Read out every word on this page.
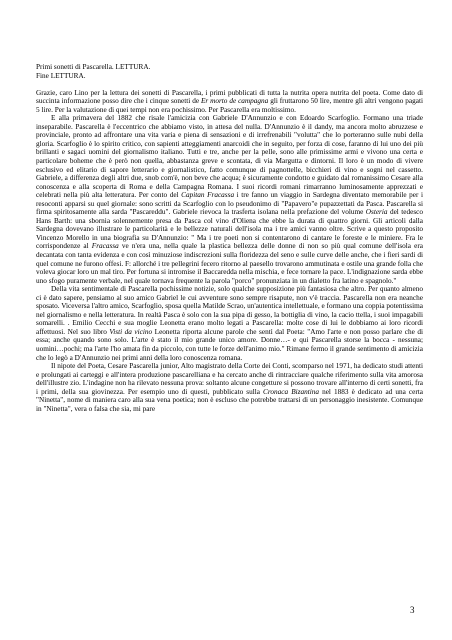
Primi sonetti di Pascarella. LETTURA.

Fine LETTURA.

Grazie, caro Lino per la lettura dei sonetti di Pascarella, i primi pubblicati di tutta la nutrita opera nutrita del poeta. Come dato di succinta informazione posso dire che i cinque sonetti de Er morto de campagna gli fruttarono 50 lire, mentre gli altri vengono pagati 5 lire. Per la valutazione di quei tempi non era pochissimo. Per Pascarella era moltissimo.

E alla primavera del 1882 che risale l'amicizia con Gabriele D'Annunzio e con Edoardo Scarfoglio. Formano una triade inseparabile. Pascarella è l'eccentrico che abbiamo visto, in attesa del nulla. D'Annunzio è il dandy, ma ancora molto abruzzese e provinciale, pronto ad affrontare una vita varia e piena di sensazioni e di irrefrenabili "volutta" che lo porteranno sulle nubi della gloria. Scarfoglio è lo spirito critico, con sapienti atteggiamenti anarcoidi che in seguito, per forza di cose, faranno di lui uno dei più brillanti e sagaci uomini del giornalismo italiano. Tutti e tre, anche per la pelle, sono alle primissime armi e vivono una certa e particolare boheme che è però non quella, abbastanza greve e scontata, di via Margutta e dintorni. Il loro è un modo di vivere esclusivo ed elitario di sapore letterario e giornalistico, fatto comunque di pagnottelle, bicchieri di vino e sogni nel cassetto. Gabriele, a differenza degli altri due, snob com'è, non beve che acqua; è sicuramente condotto e guidato dal romanissimo Cesare alla conoscenza e alla scoperta di Roma e della Campagna Romana. I suoi ricordi romani rimarranno luminosamente apprezzati e celebrati nella più alta letteratura. Per conto del Capitan Fracassa i tre fanno un viaggio in Sardegna diventato memorabile per i resoconti apparsi su quel giornale: sono scritti da Scarfoglio con lo pseudonimo di "Papavero"e pupazzettati da Pasca. Pascarella si firma spiritosamente alla sarda "Pascareddu". Gabriele rievoca la trasferta isolana nella prefazione del volume Osteria del tedesco Hans Barth: una sbornia solennemente presa da Pasca col vino d'Oliena che ebbe la durata di quattro giorni. Gli articoli dalla Sardegna dovevano illustrare le particolarità e le bellezze naturali dell'isola ma i tre amici vanno oltre. Scrive a questo proposito Vincenzo Morello in una biografia su D'Annunzio: " Ma i tre poeti non si contentarono di cantare le foreste e le miniere. Fra le corrispondenze al Fracassa ve n'era una, nella quale la plastica bellezza delle donne di non so più qual comune dell'isola era decantata con tanta evidenza e con così minuziose indiscrezioni sulla floridezza del seno e sulle curve delle anche, che i fieri sardi di quel comune ne furono offesi. F: allorché i tre pellegrini fecero ritorno al paesello trovarono ammutinata e ostile una grande folla che voleva giocar loro un mal tiro. Per fortuna si intromise il Baccaredda nella mischia, e fece tornare la pace. L'indignazione sarda ebbe uno sfogo puramente verbale, nel quale tornava frequente la parola "porco" pronunziata in un dialetto fra latino e spagnolo."

Della vita sentimentale di Pascarella pochissime notizie, solo qualche supposizione più fantasiosa che altro. Per quanto almeno ci è dato sapere, pensiamo al suo amico Gabriel le cui avventure sono sempre risapute, non v'è traccia. Pascarella non era neanche sposato. Viceversa l'altro amico, Scarfoglio, sposa quella Matilde Scrao, un'autentica intellettuale, e formano una coppia potentissima nel giornalismo e nella letteratura. In realtà Pasca è solo con la sua pipa di gesso, la bottiglia di vino, la cacio ttella, i suoi impagabili somarelli. . Emilio Cecchi e sua moglie Leonetta erano molto legati a Pascarella: molte cose di lui le dobbiamo ai loro ricordi affettuosi. Nel suo libro Visti da vicino Leonetta riporta alcune parole che sentì dal Poeta: "Amo l'arte e non posso parlare che di essa; anche quando sono solo. L'arte è stato il mio grande unico amore. Donne…- e qui Pascarella storse la bocca - nessuna; uomini…pochi; ma l'arte l'ho amata fin da piccolo, con tutte le forze dell'animo mio." Rimane fermo il grande sentimento di amicizia che lo legò a D'Annunzio nei primi anni della loro conoscenza romana.

Il nipote del Poeta, Cesare Pascarella junior, Alto magistrato della Corte dei Conti, scomparso nel 1971, ha dedicato studi attenti e prolungati ai carteggi e all'intera produzione pascarelliana e ha cercato anche di rintracciare qualche riferimento sulla vita amorosa dell'illustre zio. L'indagine non ha rilevato nessuna prova: soltanto alcune congetture si possono trovare all'interno di certi sonetti, fra i primi, della sua giovinezza. Per esempio uno di questi, pubblicato sulla Cronaca Bizantina nel 1883 è dedicato ad una certa "Ninetta", nome di maniera caro alla sua vena poetica; non è escluso che potrebbe trattarsi di un personaggio inesistente. Comunque in "Ninetta", vera o falsa che sia, mi pare

3
